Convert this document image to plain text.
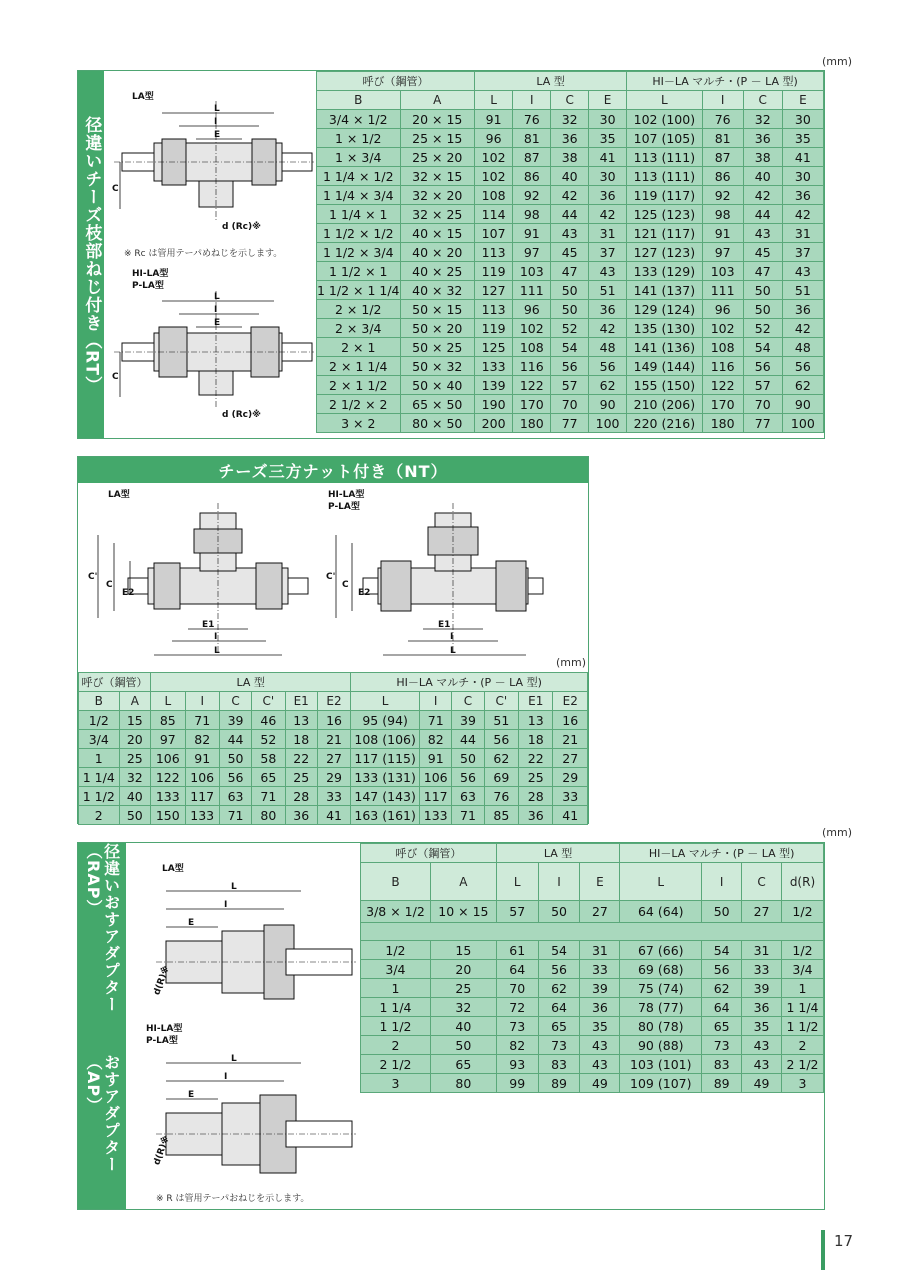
(mm)
径違いチーズ枝部ねじ付き（RT）
LA型
L
I
E
C
d (Rc)※
※ Rc は管用テーパめねじを示します。
HI-LA型
P-LA型
L
I
E
C
d (Rc)※
呼び（鋼管）		LA 型				HI－LA マルチ・(P － LA 型)			
B	A	L	I	C	E	L	I	C	E
3/4 × 1/2	20 × 15	91	76	32	30	102 (100)	76	32	30
1 × 1/2	25 × 15	96	81	36	35	107 (105)	81	36	35
1 × 3/4	25 × 20	102	87	38	41	113 (111)	87	38	41
1 1/4 × 1/2	32 × 15	102	86	40	30	113 (111)	86	40	30
1 1/4 × 3/4	32 × 20	108	92	42	36	119 (117)	92	42	36
1 1/4 × 1	32 × 25	114	98	44	42	125 (123)	98	44	42
1 1/2 × 1/2	40 × 15	107	91	43	31	121 (117)	91	43	31
1 1/2 × 3/4	40 × 20	113	97	45	37	127 (123)	97	45	37
1 1/2 × 1	40 × 25	119	103	47	43	133 (129)	103	47	43
1 1/2 × 1 1/4	40 × 32	127	111	50	51	141 (137)	111	50	51
2 × 1/2	50 × 15	113	96	50	36	129 (124)	96	50	36
2 × 3/4	50 × 20	119	102	52	42	135 (130)	102	52	42
2 × 1	50 × 25	125	108	54	48	141 (136)	108	54	48
2 × 1 1/4	50 × 32	133	116	56	56	149 (144)	116	56	56
2 × 1 1/2	50 × 40	139	122	57	62	155 (150)	122	57	62
2 1/2 × 2	65 × 50	190	170	70	90	210 (206)	170	70	90
3 × 2	80 × 50	200	180	77	100	220 (216)	180	77	100
チーズ三方ナット付き（NT）
LA型	HI-LA型
P-LA型
C'
C
E2
E1
I
L
C'
C
E2
E1
I
L
(mm)
呼び（鋼管）		LA 型						HI－LA マルチ・(P － LA 型)					
B	A	L	I	C	C'	E1	E2	L	I	C	C'	E1	E2
1/2	15	85	71	39	46	13	16	95 (94)	71	39	51	13	16
3/4	20	97	82	44	52	18	21	108 (106)	82	44	56	18	21
1	25	106	91	50	58	22	27	117 (115)	91	50	62	22	27
1 1/4	32	122	106	56	65	25	29	133 (131)	106	56	69	25	29
1 1/2	40	133	117	63	71	28	33	147 (143)	117	63	76	28	33
2	50	150	133	71	80	36	41	163 (161)	133	71	85	36	41
(mm)
径違いおすアダプター（RAP）
おすアダプター（AP）
LA型
L
I
E
d(R)※
HI-LA型
P-LA型
L
I
E
d(R)※
※ R は管用テーパおねじを示します。
呼び（鋼管）		LA 型			HI－LA マルチ・(P － LA 型)			
B	A	L	I	E	L	I	C	d(R)
3/8 × 1/2	10 × 15	57	50	27	64 (64)	50	27	1/2

1/2	15	61	54	31	67 (66)	54	31	1/2
3/4	20	64	56	33	69 (68)	56	33	3/4
1	25	70	62	39	75 (74)	62	39	1
1 1/4	32	72	64	36	78 (77)	64	36	1 1/4
1 1/2	40	73	65	35	80 (78)	65	35	1 1/2
2	50	82	73	43	90 (88)	73	43	2
2 1/2	65	93	83	43	103 (101)	83	43	2 1/2
3	80	99	89	49	109 (107)	89	49	3
17
